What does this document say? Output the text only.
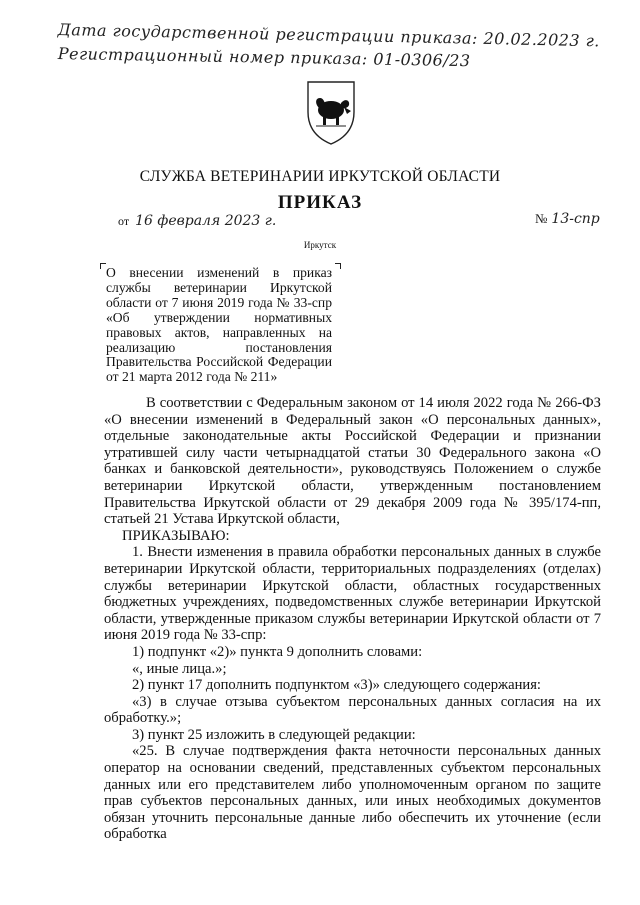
Дата государственной регистрации приказа: 20.02.2023 г.
Регистрационный номер приказа: 01-0306/23
СЛУЖБА ВЕТЕРИНАРИИ ИРКУТСКОЙ ОБЛАСТИ
ПРИКАЗ
от 16 февраля 2023 г.	№ 13-спр
Иркутск
О внесении изменений в приказ службы ветеринарии Иркутской области от 7 июня 2019 года № 33-спр «Об утверждении нормативных правовых актов, направленных на реализацию постановления Правительства Российской Федерации от 21 марта 2012 года № 211»

В соответствии с Федеральным законом от 14 июля 2022 года № 266-ФЗ «О внесении изменений в Федеральный закон «О персональных данных», отдельные законодательные акты Российской Федерации и признании утратившей силу части четырнадцатой статьи 30 Федерального закона «О банках и банковской деятельности», руководствуясь Положением о службе ветеринарии Иркутской области, утвержденным постановлением Правительства Иркутской области от 29 декабря 2009 года № 395/174-пп, статьей 21 Устава Иркутской области,

ПРИКАЗЫВАЮ:

1. Внести изменения в правила обработки персональных данных в службе ветеринарии Иркутской области, территориальных подразделениях (отделах) службы ветеринарии Иркутской области, областных государственных бюджетных учреждениях, подведомственных службе ветеринарии Иркутской области, утвержденные приказом службы ветеринарии Иркутской области от 7 июня 2019 года № 33-спр:

1) подпункт «2)» пункта 9 дополнить словами:

«, иные лица.»;

2) пункт 17 дополнить подпунктом «3)» следующего содержания:

«3) в случае отзыва субъектом персональных данных согласия на их обработку.»;

3) пункт 25 изложить в следующей редакции:

«25. В случае подтверждения факта неточности персональных данных оператор на основании сведений, представленных субъектом персональных данных или его представителем либо уполномоченным органом по защите прав субъектов персональных данных, или иных необходимых документов обязан уточнить персональные данные либо обеспечить их уточнение (если обработка
